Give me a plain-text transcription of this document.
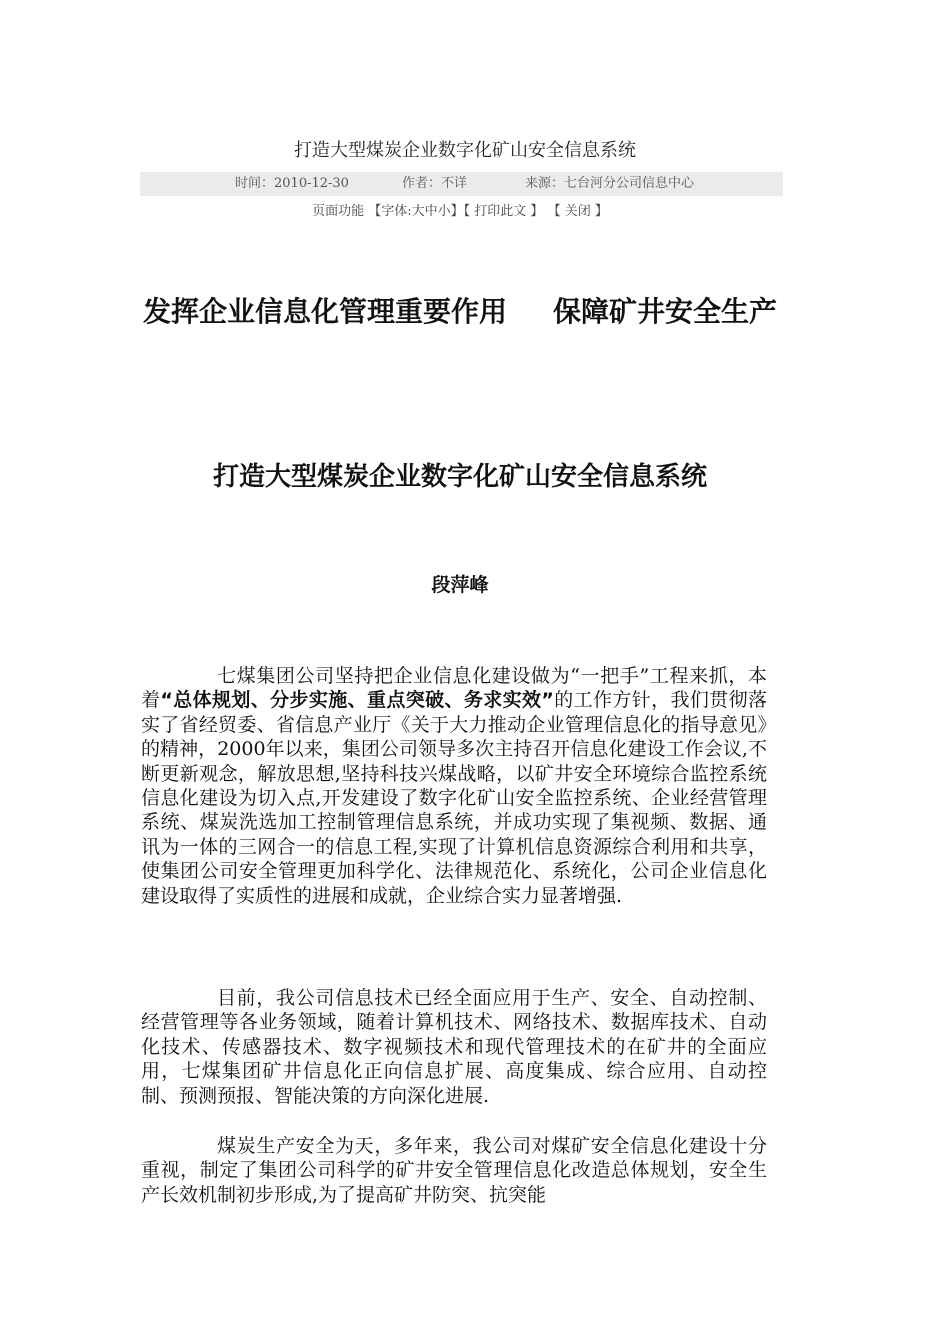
打造大型煤炭企业数字化矿山安全信息系统
时间：2010-12-30	作者：不详	来源：七台河分公司信息中心
页面功能 【字体:大中小】【 打印此文 】 【 关闭 】
发挥企业信息化管理重要作用 保障矿井安全生产
打造大型煤炭企业数字化矿山安全信息系统
段萍峰

七煤集团公司坚持把企业信息化建设做为“一把手”工程来抓，本着“总体规划、分步实施、重点突破、务求实效”的工作方针，我们贯彻落实了省经贸委、省信息产业厅《关于大力推动企业管理信息化的指导意见》的精神，2000年以来，集团公司领导多次主持召开信息化建设工作会议,不断更新观念，解放思想,坚持科技兴煤战略，以矿井安全环境综合监控系统信息化建设为切入点,开发建设了数字化矿山安全监控系统、企业经营管理系统、煤炭洗选加工控制管理信息系统，并成功实现了集视频、数据、通讯为一体的三网合一的信息工程,实现了计算机信息资源综合利用和共享， 使集团公司安全管理更加科学化、法律规范化、系统化，公司企业信息化建设取得了实质性的进展和成就，企业综合实力显著增强.

目前，我公司信息技术已经全面应用于生产、安全、自动控制、经营管理等各业务领域，随着计算机技术、网络技术、数据库技术、自动化技术、传感器技术、数字视频技术和现代管理技术的在矿井的全面应用，七煤集团矿井信息化正向信息扩展、高度集成、综合应用、自动控制、预测预报、智能决策的方向深化进展.

煤炭生产安全为天，多年来，我公司对煤矿安全信息化建设十分重视，制定了集团公司科学的矿井安全管理信息化改造总体规划，安全生产长效机制初步形成,为了提高矿井防突、抗突能
